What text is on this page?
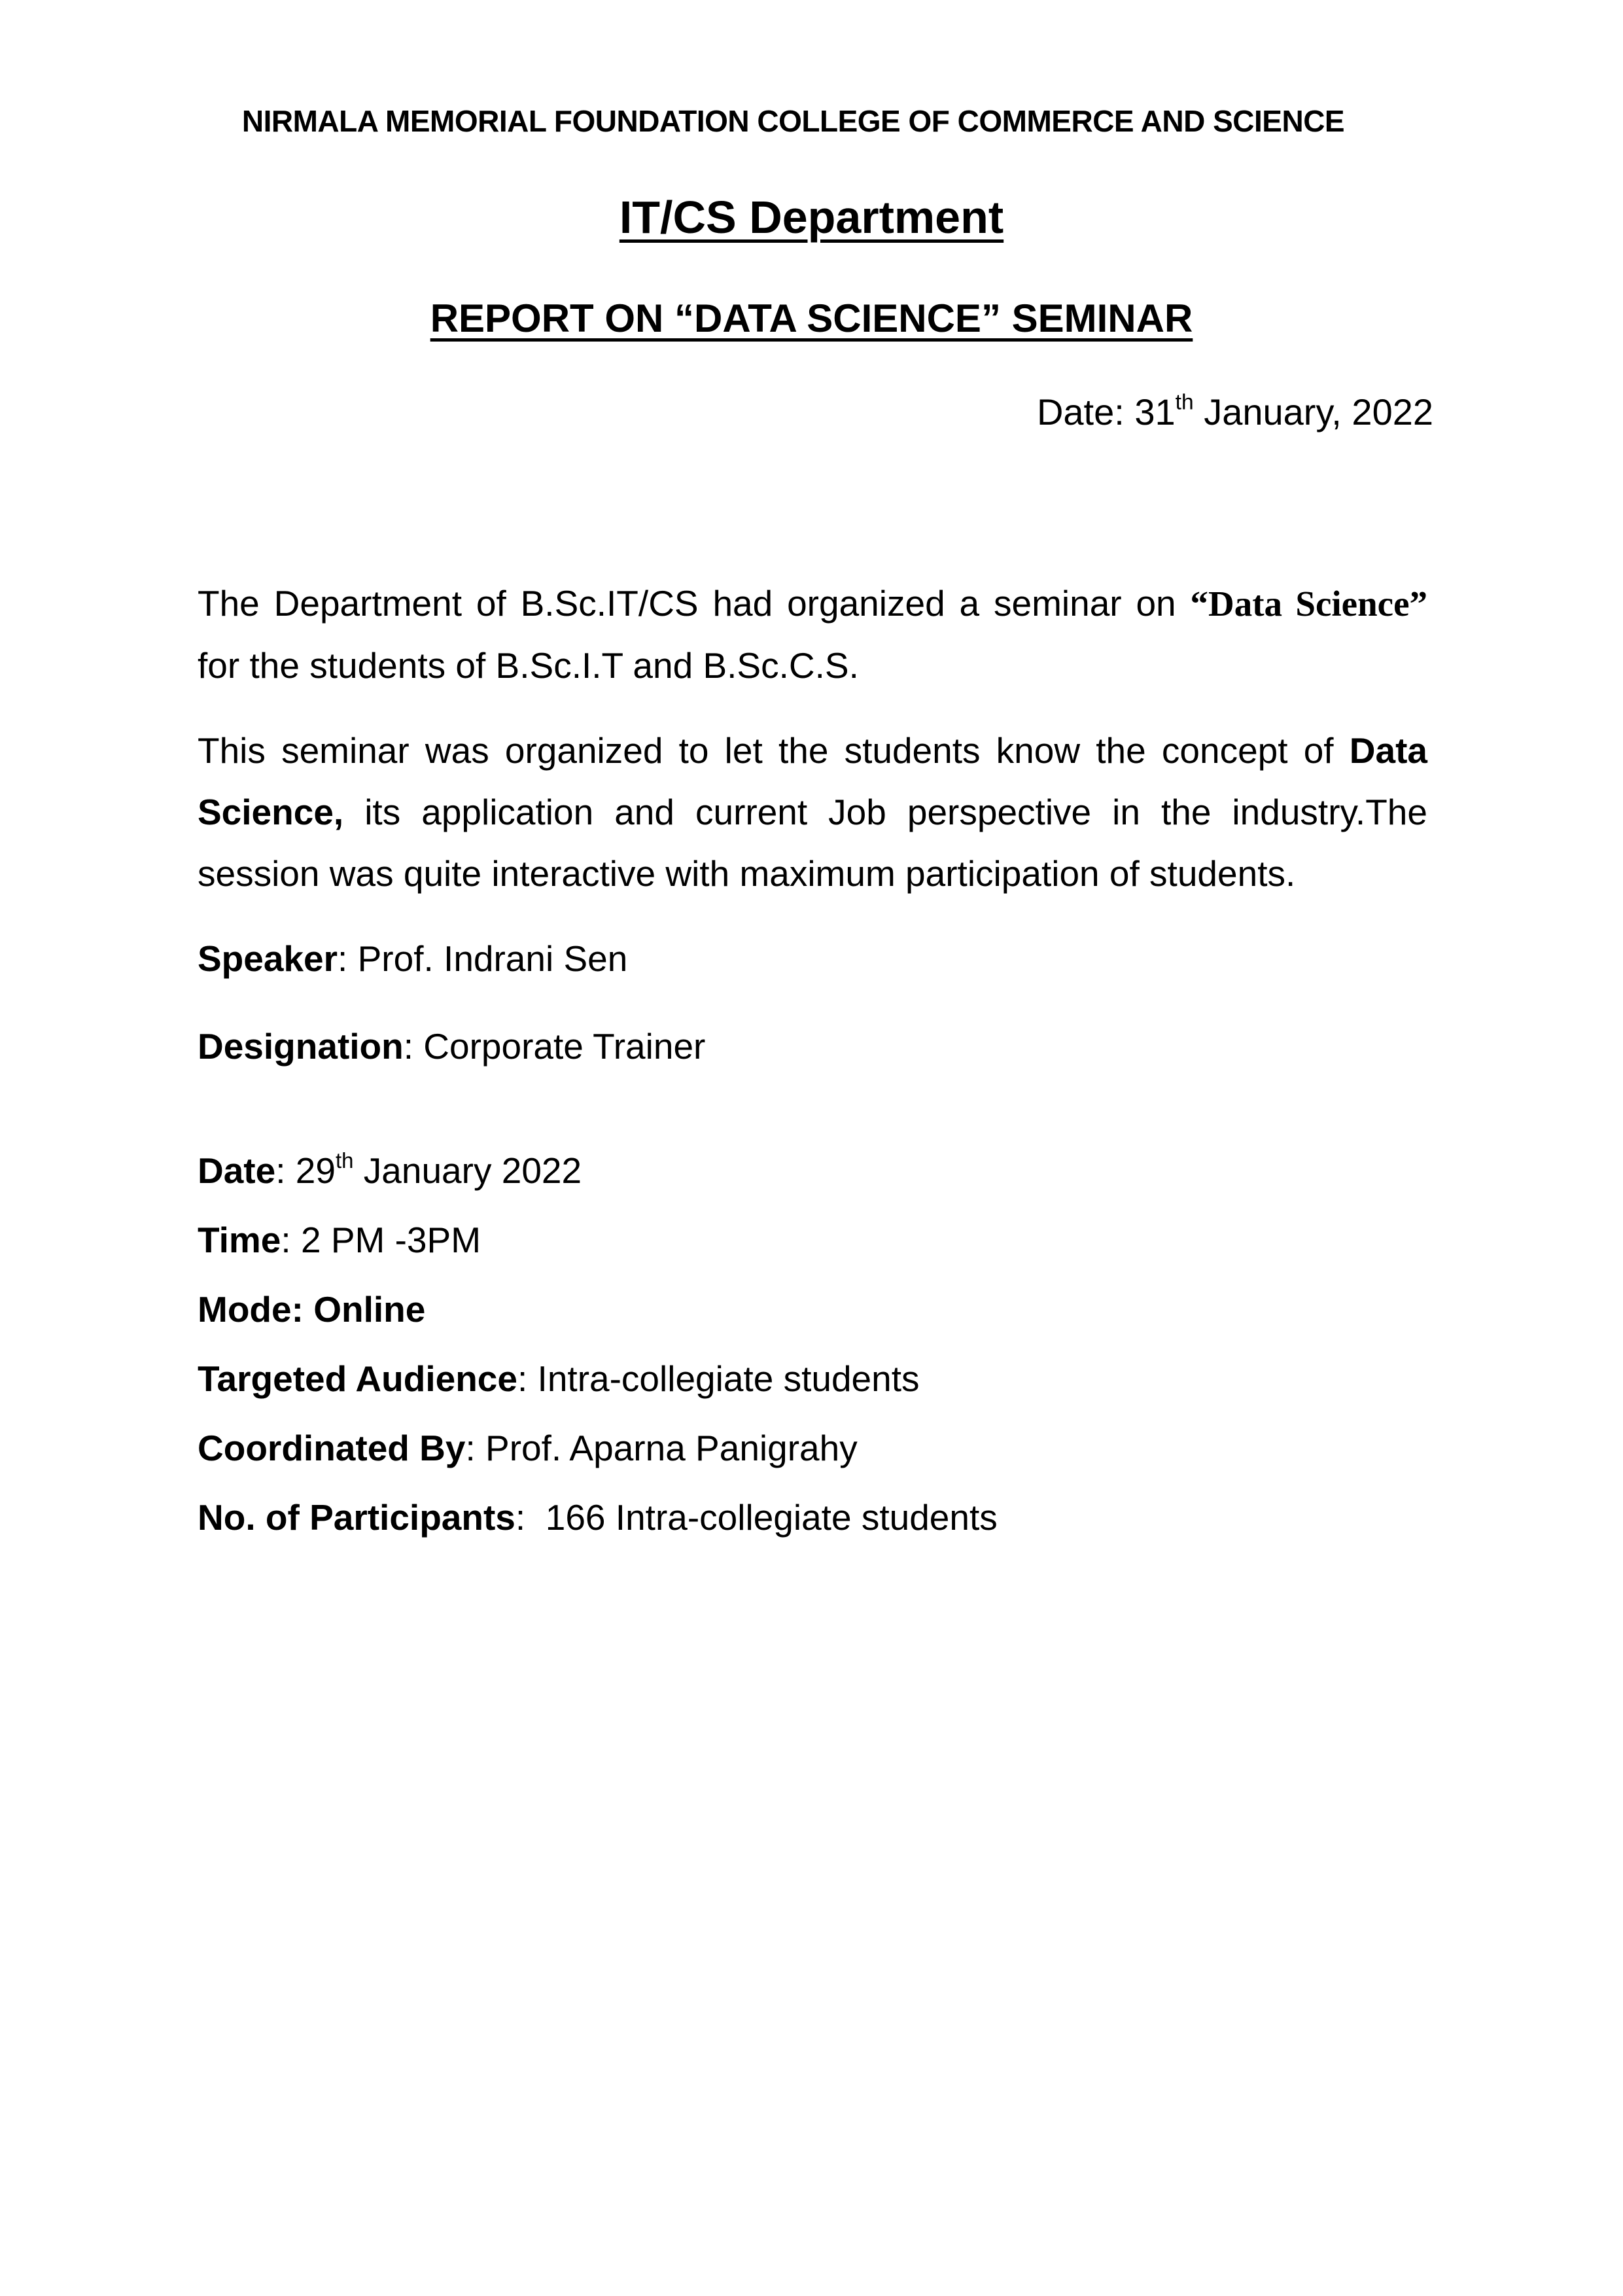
NIRMALA MEMORIAL FOUNDATION COLLEGE OF COMMERCE AND SCIENCE
IT/CS Department
REPORT ON “DATA SCIENCE” SEMINAR
Date: 31th January, 2022

The Department of B.Sc.IT/CS had organized a seminar on “Data Science” for the students of B.Sc.I.T and B.Sc.C.S.

This seminar was organized to let the students know the concept of Data Science, its application and current Job perspective in the industry.The session was quite interactive with maximum participation of students.

Speaker: Prof. Indrani Sen
Designation: Corporate Trainer
Date: 29th January 2022
Time: 2 PM -3PM
Mode: Online
Targeted Audience: Intra-collegiate students
Coordinated By: Prof. Aparna Panigrahy
No. of Participants:  166 Intra-collegiate students
